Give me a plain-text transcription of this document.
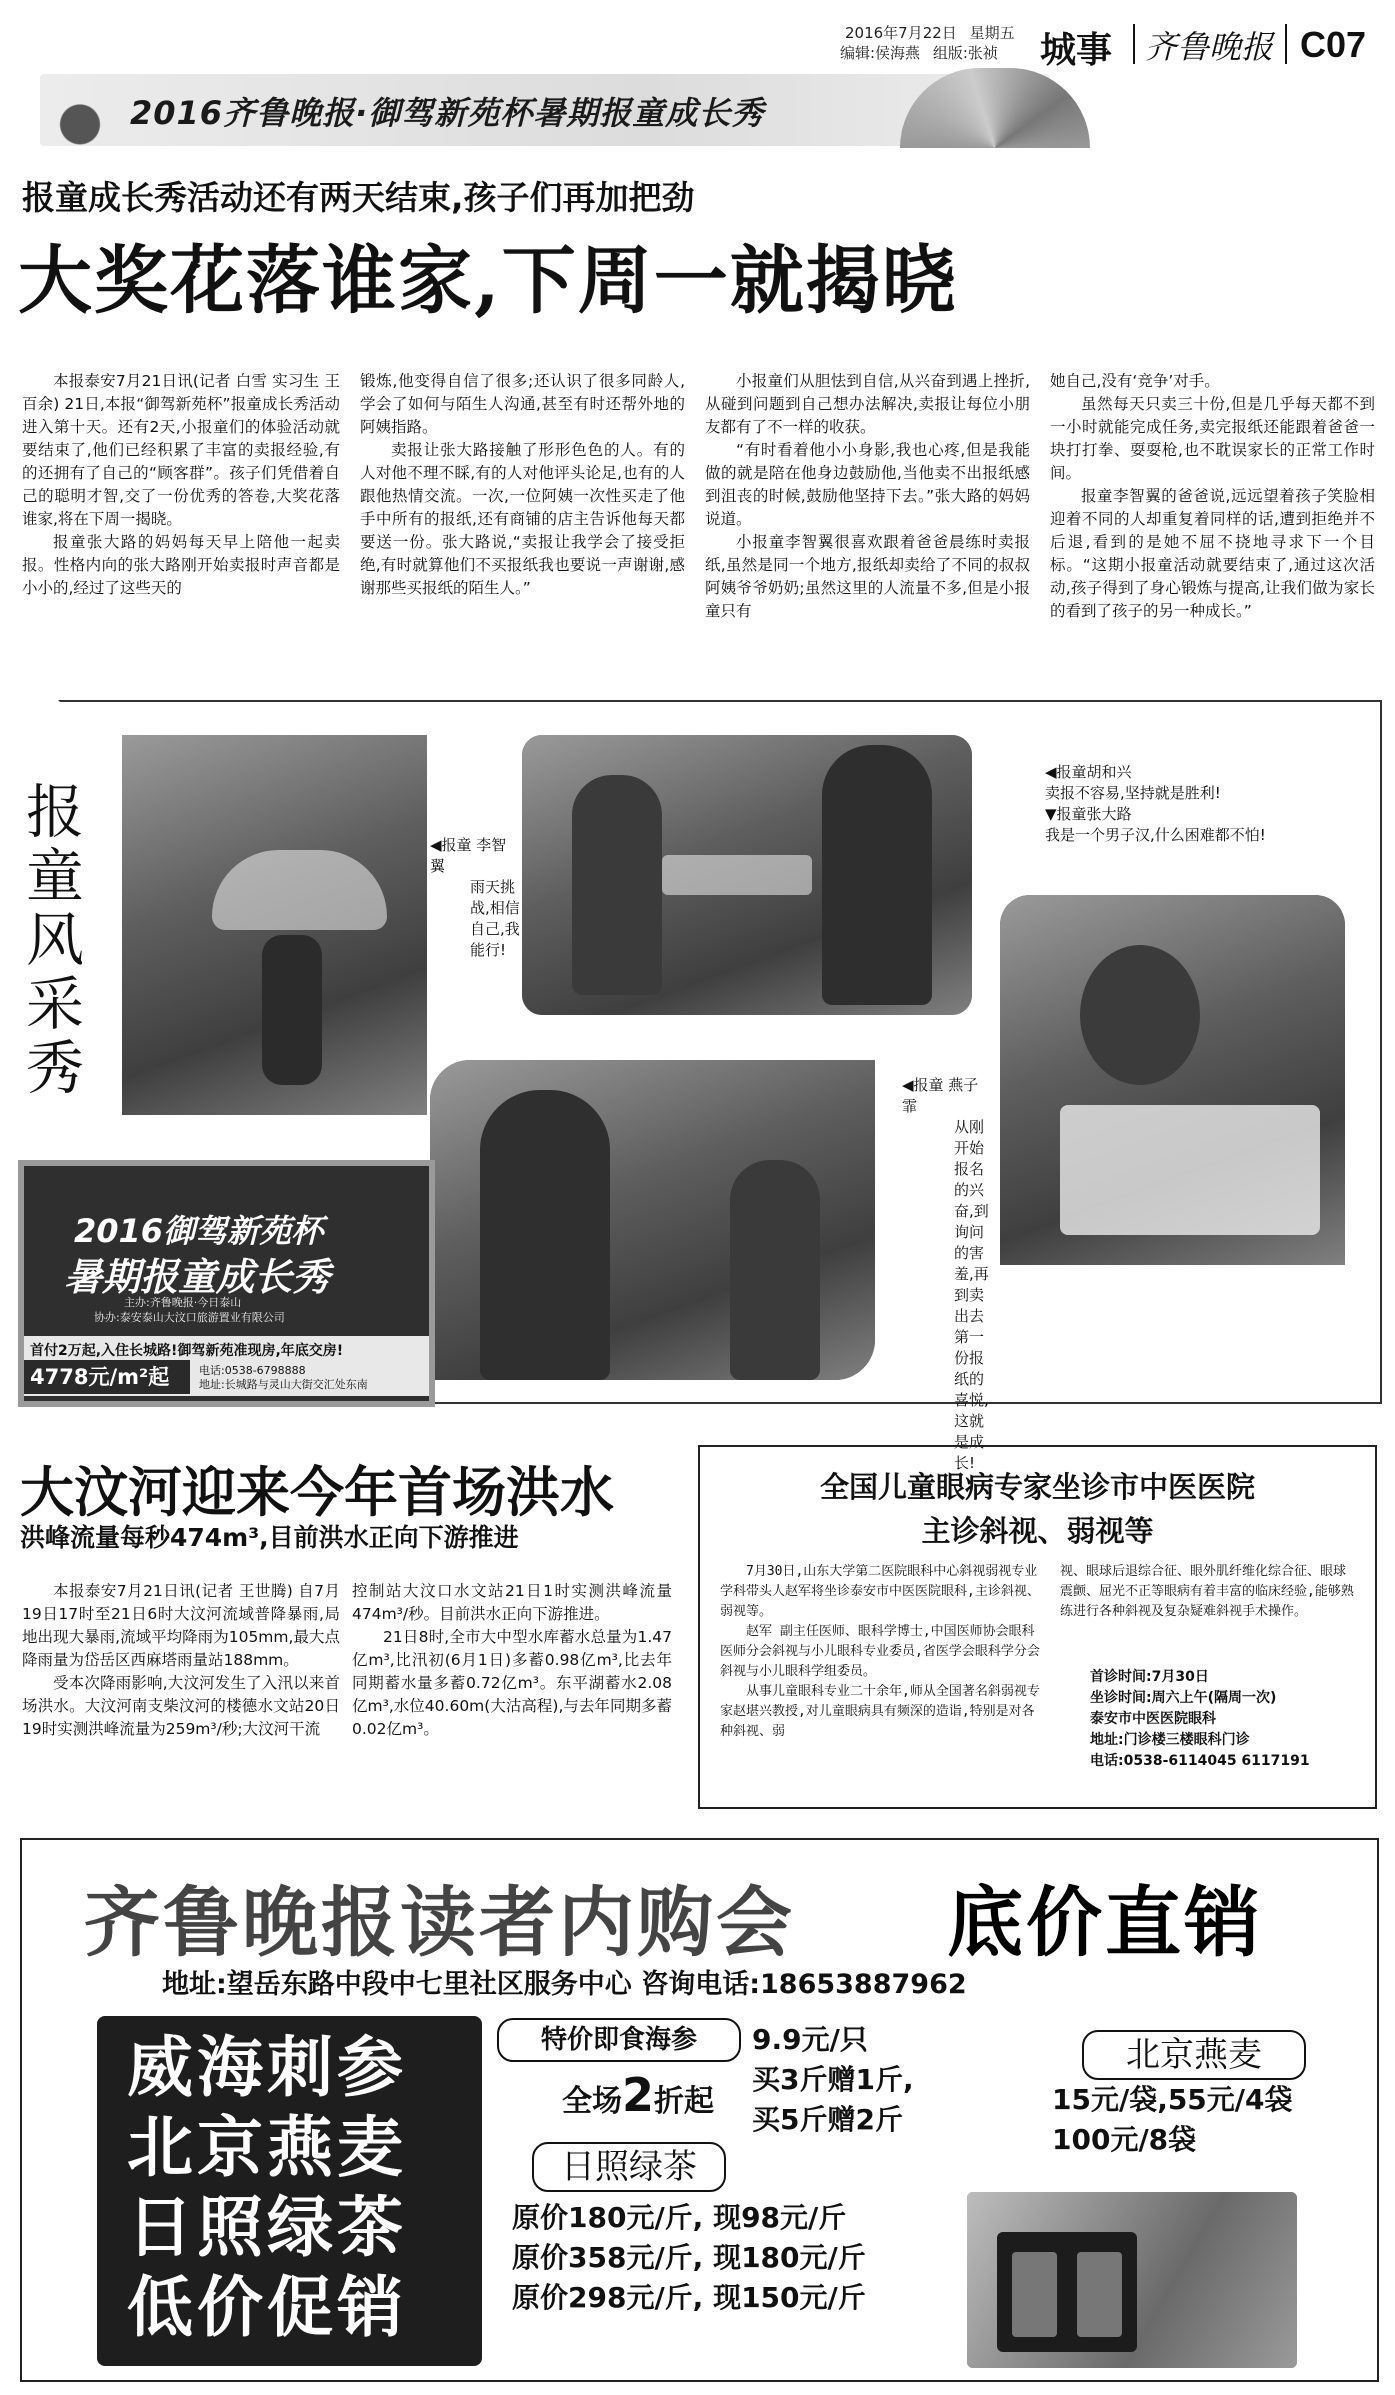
2016年7月22日 星期五
编辑:侯海燕 组版:张祯 城事 齐鲁晚报 C07
2016齐鲁晚报·御驾新苑杯暑期报童成长秀
报童成长秀活动还有两天结束,孩子们再加把劲
大奖花落谁家,下周一就揭晓

本报泰安7月21日讯(记者 白雪 实习生 王百余) 21日,本报“御驾新苑杯”报童成长秀活动进入第十天。还有2天,小报童们的体验活动就要结束了,他们已经积累了丰富的卖报经验,有的还拥有了自己的“顾客群”。孩子们凭借着自己的聪明才智,交了一份优秀的答卷,大奖花落谁家,将在下周一揭晓。

报童张大路的妈妈每天早上陪他一起卖报。性格内向的张大路刚开始卖报时声音都是小小的,经过了这些天的

锻炼,他变得自信了很多;还认识了很多同龄人,学会了如何与陌生人沟通,甚至有时还帮外地的阿姨指路。

卖报让张大路接触了形形色色的人。有的人对他不理不睬,有的人对他评头论足,也有的人跟他热情交流。一次,一位阿姨一次性买走了他手中所有的报纸,还有商铺的店主告诉他每天都要送一份。张大路说,“卖报让我学会了接受拒绝,有时就算他们不买报纸我也要说一声谢谢,感谢那些买报纸的陌生人。”

小报童们从胆怯到自信,从兴奋到遇上挫折,从碰到问题到自己想办法解决,卖报让每位小朋友都有了不一样的收获。

“有时看着他小小身影,我也心疼,但是我能做的就是陪在他身边鼓励他,当他卖不出报纸感到沮丧的时候,鼓励他坚持下去。”张大路的妈妈说道。

小报童李智翼很喜欢跟着爸爸晨练时卖报纸,虽然是同一个地方,报纸却卖给了不同的叔叔阿姨爷爷奶奶;虽然这里的人流量不多,但是小报童只有

她自己,没有‘竞争’对手。

虽然每天只卖三十份,但是几乎每天都不到一小时就能完成任务,卖完报纸还能跟着爸爸一块打打拳、耍耍枪,也不耽误家长的正常工作时间。

报童李智翼的爸爸说,远远望着孩子笑脸相迎着不同的人却重复着同样的话,遭到拒绝并不后退,看到的是她不屈不挠地寻求下一个目标。“这期小报童活动就要结束了,通过这次活动,孩子得到了身心锻炼与提高,让我们做为家长的看到了孩子的另一种成长。”

报童风采秀
◀报童 李智翼
雨天挑战,相信自己,我能行!
◀报童胡和兴
卖报不容易,坚持就是胜利!
▼报童张大路
我是一个男子汉,什么困难都不怕!
◀报童 燕子霏
从刚开始报名的兴奋,到询问的害羞,再到卖出去第一份报纸的喜悦,这就是成长!
2016御驾新苑杯
暑期报童成长秀
主办:齐鲁晚报·今日泰山
协办:泰安泰山大汶口旅游置业有限公司
首付2万起,入住长城路!御驾新苑准现房,年底交房!
4778元/m²起	电话:0538-6798888
地址:长城路与灵山大街交汇处东南
大汶河迎来今年首场洪水
洪峰流量每秒474m³,目前洪水正向下游推进

本报泰安7月21日讯(记者 王世腾) 自7月19日17时至21日6时大汶河流域普降暴雨,局地出现大暴雨,流域平均降雨为105mm,最大点降雨量为岱岳区西麻塔雨量站188mm。

受本次降雨影响,大汶河发生了入汛以来首场洪水。大汶河南支柴汶河的楼德水文站20日19时实测洪峰流量为259m³/秒;大汶河干流

控制站大汶口水文站21日1时实测洪峰流量474m³/秒。目前洪水正向下游推进。

21日8时,全市大中型水库蓄水总量为1.47亿m³,比汛初(6月1日)多蓄0.98亿m³,比去年同期蓄水量多蓄0.72亿m³。东平湖蓄水2.08亿m³,水位40.60m(大沽高程),与去年同期多蓄0.02亿m³。

全国儿童眼病专家坐诊市中医医院
主诊斜视、弱视等
7月30日,山东大学第二医院眼科中心斜视弱视专业学科带头人赵军将坐诊泰安市中医医院眼科,主诊斜视、弱视等。
赵军 副主任医师、眼科学博士,中国医师协会眼科医师分会斜视与小儿眼科专业委员,省医学会眼科学分会斜视与小儿眼科学组委员。
从事儿童眼科专业二十余年,师从全国著名斜弱视专家赵堪兴教授,对儿童眼病具有频深的造诣,特别是对各种斜视、弱
视、眼球后退综合征、眼外肌纤维化综合征、眼球震颤、屈光不正等眼病有着丰富的临床经验,能够熟练进行各种斜视及复杂疑难斜视手术操作。
首诊时间:7月30日
坐诊时间:周六上午(隔周一次)
泰安市中医医院眼科
地址:门诊楼三楼眼科门诊
电话:0538-6114045 6117191
齐鲁晚报读者内购会 底价直销
地址:望岳东路中段中七里社区服务中心 咨询电话:18653887962
威海刺参
北京燕麦
日照绿茶
低价促销
特价即食海参
全场2折起
9.9元/只
买3斤赠1斤,
买5斤赠2斤
北京燕麦
15元/袋,55元/4袋
100元/8袋
日照绿茶
原价180元/斤, 现98元/斤
原价358元/斤, 现180元/斤
原价298元/斤, 现150元/斤
